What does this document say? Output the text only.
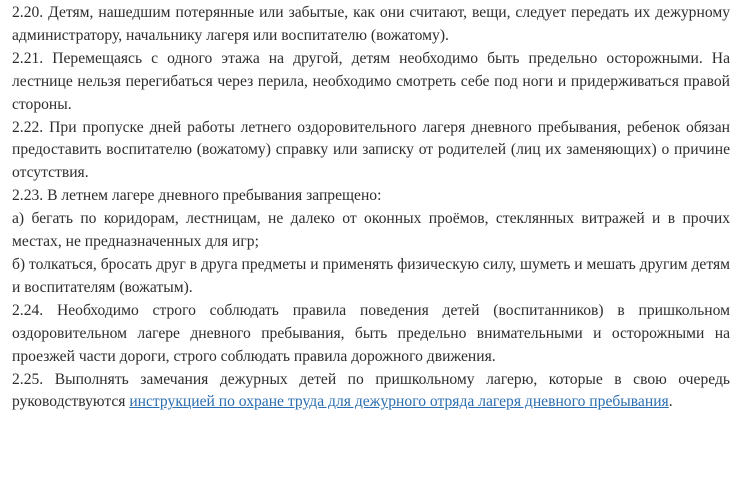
2.20. Детям, нашедшим потерянные или забытые, как они считают, вещи, следует передать их дежурному администратору, начальнику лагеря или воспитателю (вожатому).

2.21. Перемещаясь с одного этажа на другой, детям необходимо быть предельно осторожными. На лестнице нельзя перегибаться через перила, необходимо смотреть себе под ноги и придерживаться правой стороны.

2.22. При пропуске дней работы летнего оздоровительного лагеря дневного пребывания, ребенок обязан предоставить воспитателю (вожатому) справку или записку от родителей (лиц их заменяющих) о причине отсутствия.

2.23. В летнем лагере дневного пребывания запрещено:

а) бегать по коридорам, лестницам, не далеко от оконных проёмов, стеклянных витражей и в прочих местах, не предназначенных для игр;

б) толкаться, бросать друг в друга предметы и применять физическую силу, шуметь и мешать другим детям и воспитателям (вожатым).

2.24. Необходимо строго соблюдать правила поведения детей (воспитанников) в пришкольном оздоровительном лагере дневного пребывания, быть предельно внимательными и осторожными на проезжей части дороги, строго соблюдать правила дорожного движения.

2.25. Выполнять замечания дежурных детей по пришкольному лагерю, которые в свою очередь руководствуются инструкцией по охране труда для дежурного отряда лагеря дневного пребывания.
